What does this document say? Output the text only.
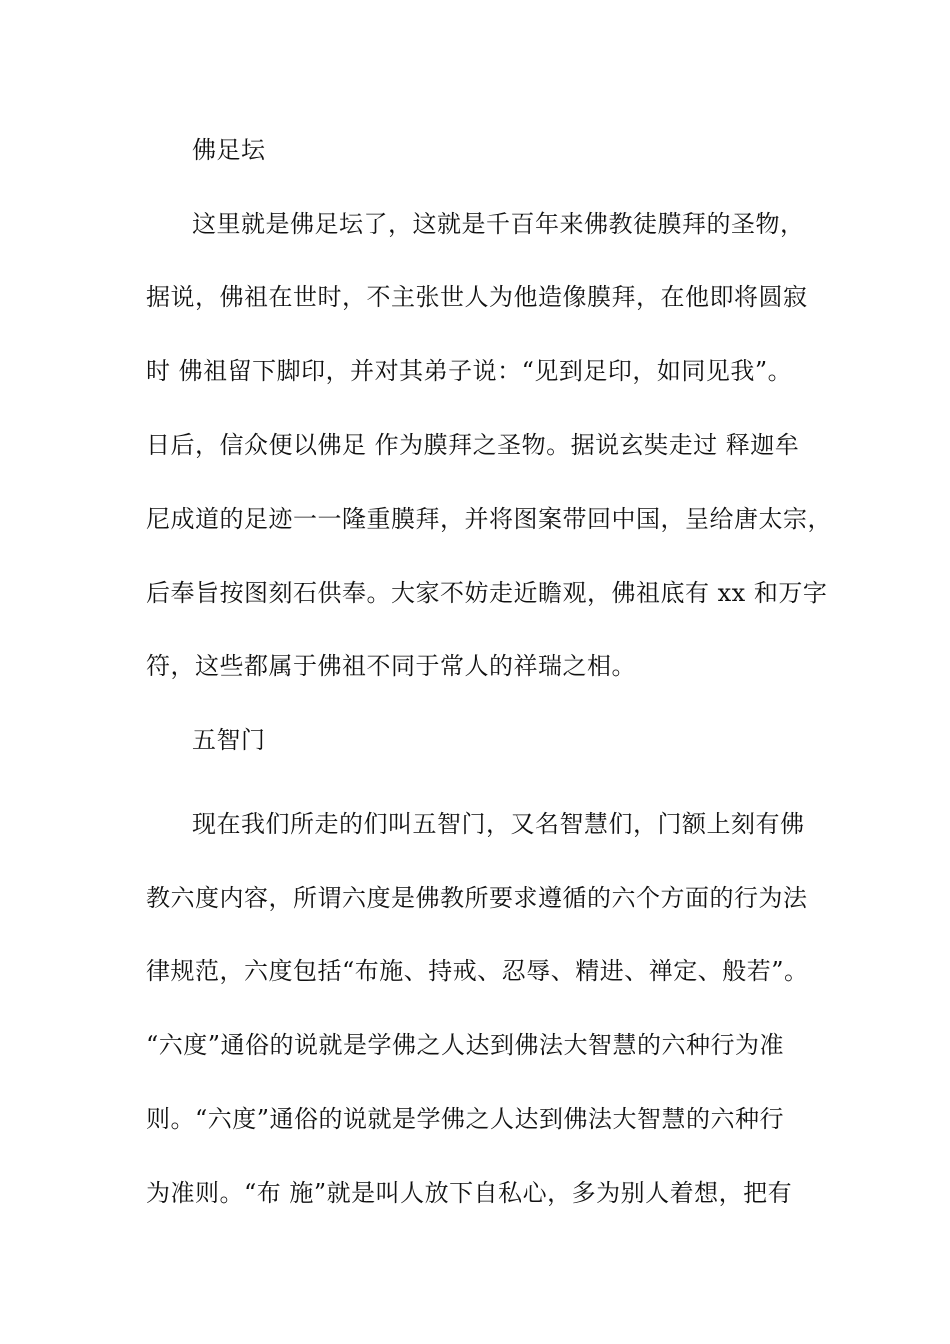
佛足坛
这里就是佛足坛了，这就是千百年来佛教徒膜拜的圣物，
据说，佛祖在世时，不主张世人为他造像膜拜，在他即将圆寂
时 佛祖留下脚印，并对其弟子说：“见到足印，如同见我”。
日后，信众便以佛足 作为膜拜之圣物。据说玄奘走过 释迦牟
尼成道的足迹一一隆重膜拜，并将图案带回中国，呈给唐太宗，
后奉旨按图刻石供奉。大家不妨走近瞻观，佛祖底有 xx 和万字
符，这些都属于佛祖不同于常人的祥瑞之相。
五智门
现在我们所走的们叫五智门，又名智慧们，门额上刻有佛
教六度内容，所谓六度是佛教所要求遵循的六个方面的行为法
律规范，六度包括“布施、持戒、忍辱、精进、禅定、般若”。
“六度”通俗的说就是学佛之人达到佛法大智慧的六种行为准
则。“六度”通俗的说就是学佛之人达到佛法大智慧的六种行
为准则。“布 施”就是叫人放下自私心，多为别人着想，把有
